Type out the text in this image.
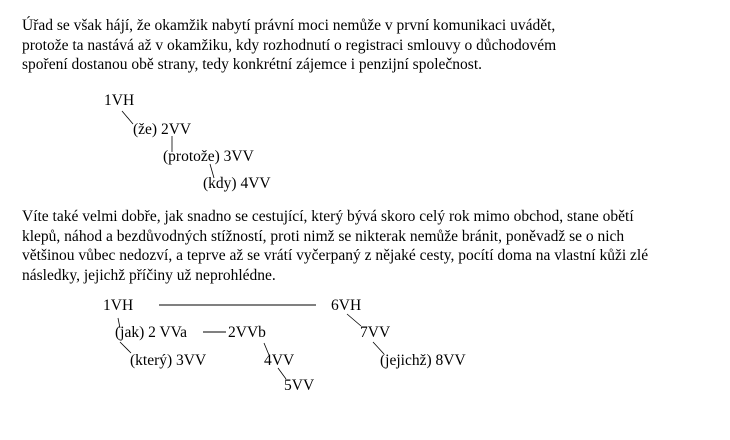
Úřad se však hájí, že okamžik nabytí právní moci nemůže v první komunikaci uvádět,
protože ta nastává až v okamžiku, kdy rozhodnutí o registraci smlouvy o důchodovém
spoření dostanou obě strany, tedy konkrétní zájemce i penzijní společnost.
1VH
(že) 2VV
(protože) 3VV
(kdy) 4VV
Víte také velmi dobře, jak snadno se cestující, který bývá skoro celý rok mimo obchod, stane obětí
klepů, náhod a bezdůvodných stížností, proti nimž se nikterak nemůže bránit, poněvadž se o nich
většinou vůbec nedozví, a teprve až se vrátí vyčerpaný z nějaké cesty, pocítí doma na vlastní kůži zlé
následky, jejichž příčiny už neprohlédne.
1VH	6VH
(jak) 2 VVa	2VVb	7VV
(který) 3VV	4VV	(jejichž) 8VV
5VV
